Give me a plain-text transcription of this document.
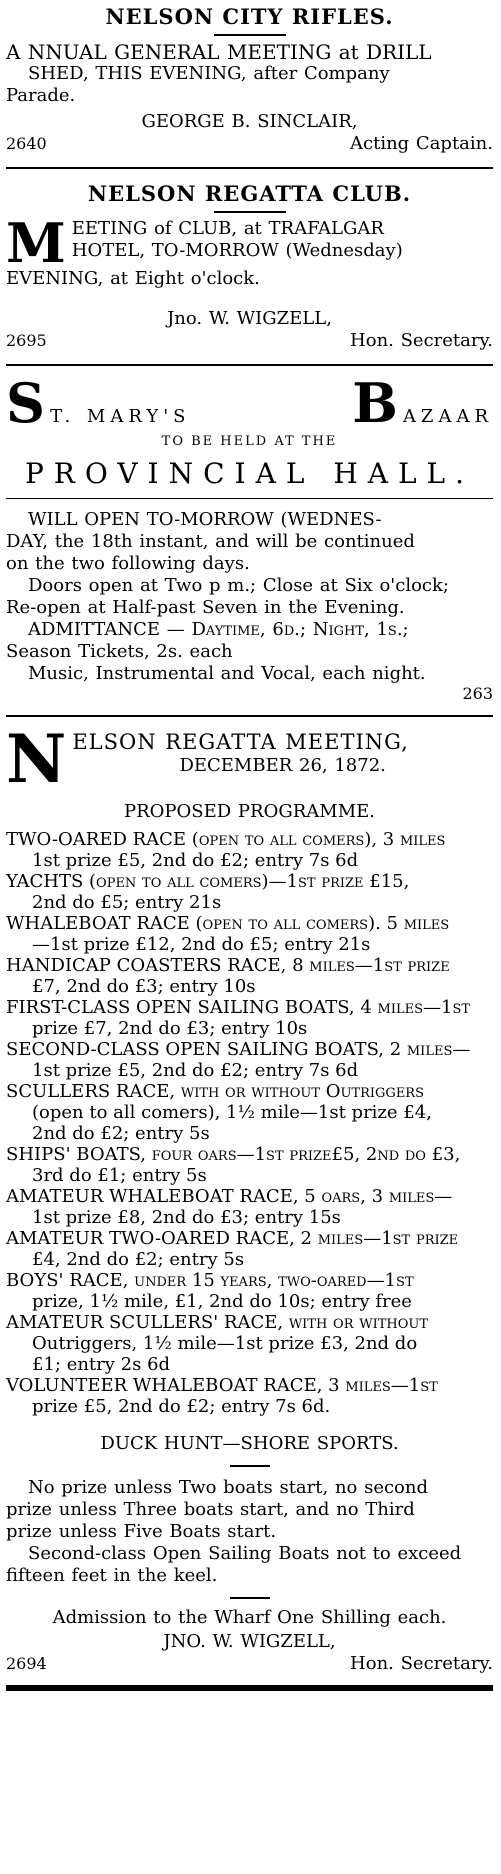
NELSON CITY RIFLES.

A NNUAL GENERAL MEETING at DRILL

SHED, THIS EVENING, after Company

Parade.

GEORGE B. SINCLAIR,

2640	Acting Captain.
NELSON REGATTA CLUB.
M EETING of CLUB, at TRAFALGAR

HOTEL, TO-MORROW (Wednesday)

EVENING, at Eight o'clock.

Jno. W. WIGZELL,

2695	Hon. Secretary.
S T. MARY'S	B AZAAR
TO BE HELD AT THE
PROVINCIAL HALL.

WILL OPEN TO-MORROW (WEDNES-

DAY, the 18th instant, and will be continued

on the two following days.

Doors open at Two p m.; Close at Six o'clock;

Re-open at Half-past Seven in the Evening.

ADMITTANCE — Daytime, 6d.; Night, 1s.;

Season Tickets, 2s. each

Music, Instrumental and Vocal, each night.

263

N ELSON REGATTA MEETING,

DECEMBER 26, 1872.

PROPOSED PROGRAMME.

TWO-OARED RACE (open to all comers), 3 miles
1st prize £5, 2nd do £2; entry 7s 6d
YACHTS (open to all comers)—1st prize £15,
2nd do £5; entry 21s
WHALEBOAT RACE (open to all comers). 5 miles
—1st prize £12, 2nd do £5; entry 21s
HANDICAP COASTERS RACE, 8 miles—1st prize
£7, 2nd do £3; entry 10s
FIRST-CLASS OPEN SAILING BOATS, 4 miles—1st
prize £7, 2nd do £3; entry 10s
SECOND-CLASS OPEN SAILING BOATS, 2 miles—
1st prize £5, 2nd do £2; entry 7s 6d
SCULLERS RACE, with or without Outriggers
(open to all comers), 1½ mile—1st prize £4,
2nd do £2; entry 5s
SHIPS' BOATS, four oars—1st prize£5, 2nd do £3,
3rd do £1; entry 5s
AMATEUR WHALEBOAT RACE, 5 oars, 3 miles—
1st prize £8, 2nd do £3; entry 15s
AMATEUR TWO-OARED RACE, 2 miles—1st prize
£4, 2nd do £2; entry 5s
BOYS' RACE, under 15 years, two-oared—1st
prize, 1½ mile, £1, 2nd do 10s; entry free
AMATEUR SCULLERS' RACE, with or without
Outriggers, 1½ mile—1st prize £3, 2nd do
£1; entry 2s 6d
VOLUNTEER WHALEBOAT RACE, 3 miles—1st
prize £5, 2nd do £2; entry 7s 6d.

DUCK HUNT—SHORE SPORTS.

No prize unless Two boats start, no second

prize unless Three boats start, and no Third

prize unless Five Boats start.

Second-class Open Sailing Boats not to exceed

fifteen feet in the keel.

Admission to the Wharf One Shilling each.

JNO. W. WIGZELL,

2694	Hon. Secretary.
